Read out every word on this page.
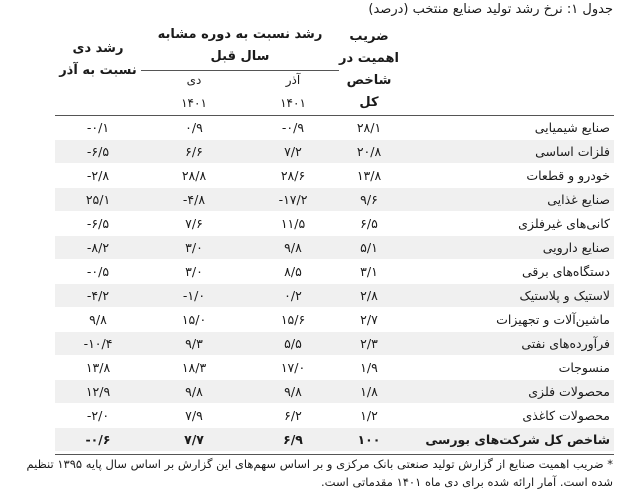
جدول ۱: نرخ رشد تولید صنایع منتخب (درصد)
ضریب
اهمیت در
شاخص
کل
رشد نسبت به دوره مشابه
سال قبل
آذر
۱۴۰۱
دی
۱۴۰۱
رشد دی
نسبت به آذر
-۰/۱	۰/۹	-۰/۹	۲۸/۱	صنایع شیمیایی
-۶/۵	۶/۶	۷/۲	۲۰/۸	فلزات اساسی
-۲/۸	۲۸/۸	۲۸/۶	۱۳/۸	خودرو و قطعات
۲۵/۱	-۴/۸	-۱۷/۲	۹/۶	صنایع غذایی
-۶/۵	۷/۶	۱۱/۵	۶/۵	کانی‌های غیرفلزی
-۸/۲	۳/۰	۹/۸	۵/۱	صنایع دارویی
-۰/۵	۳/۰	۸/۵	۳/۱	دستگاه‌های برقی
-۴/۲	-۱/۰	۰/۲	۲/۸	لاستیک و پلاستیک
۹/۸	۱۵/۰	۱۵/۶	۲/۷	ماشین‌آلات و تجهیزات
-۱۰/۴	۹/۳	۵/۵	۲/۳	فرآورده‌های نفتی
۱۳/۸	۱۸/۳	۱۷/۰	۱/۹	منسوجات
۱۲/۹	۹/۸	۹/۸	۱/۸	محصولات فلزی
-۲/۰	۷/۹	۶/۲	۱/۲	محصولات کاغذی
-۰/۶	۷/۷	۶/۹	۱۰۰	شاخص کل شرکت‌های بورسی
* ضریب اهمیت صنایع از گزارش تولید صنعتی بانک مرکزی و بر اساس سهم‌های این گزارش بر اساس سال پایه ۱۳۹۵ تنظیم شده است. آمار ارائه شده برای دی ماه ۱۴۰۱ مقدماتی است.
